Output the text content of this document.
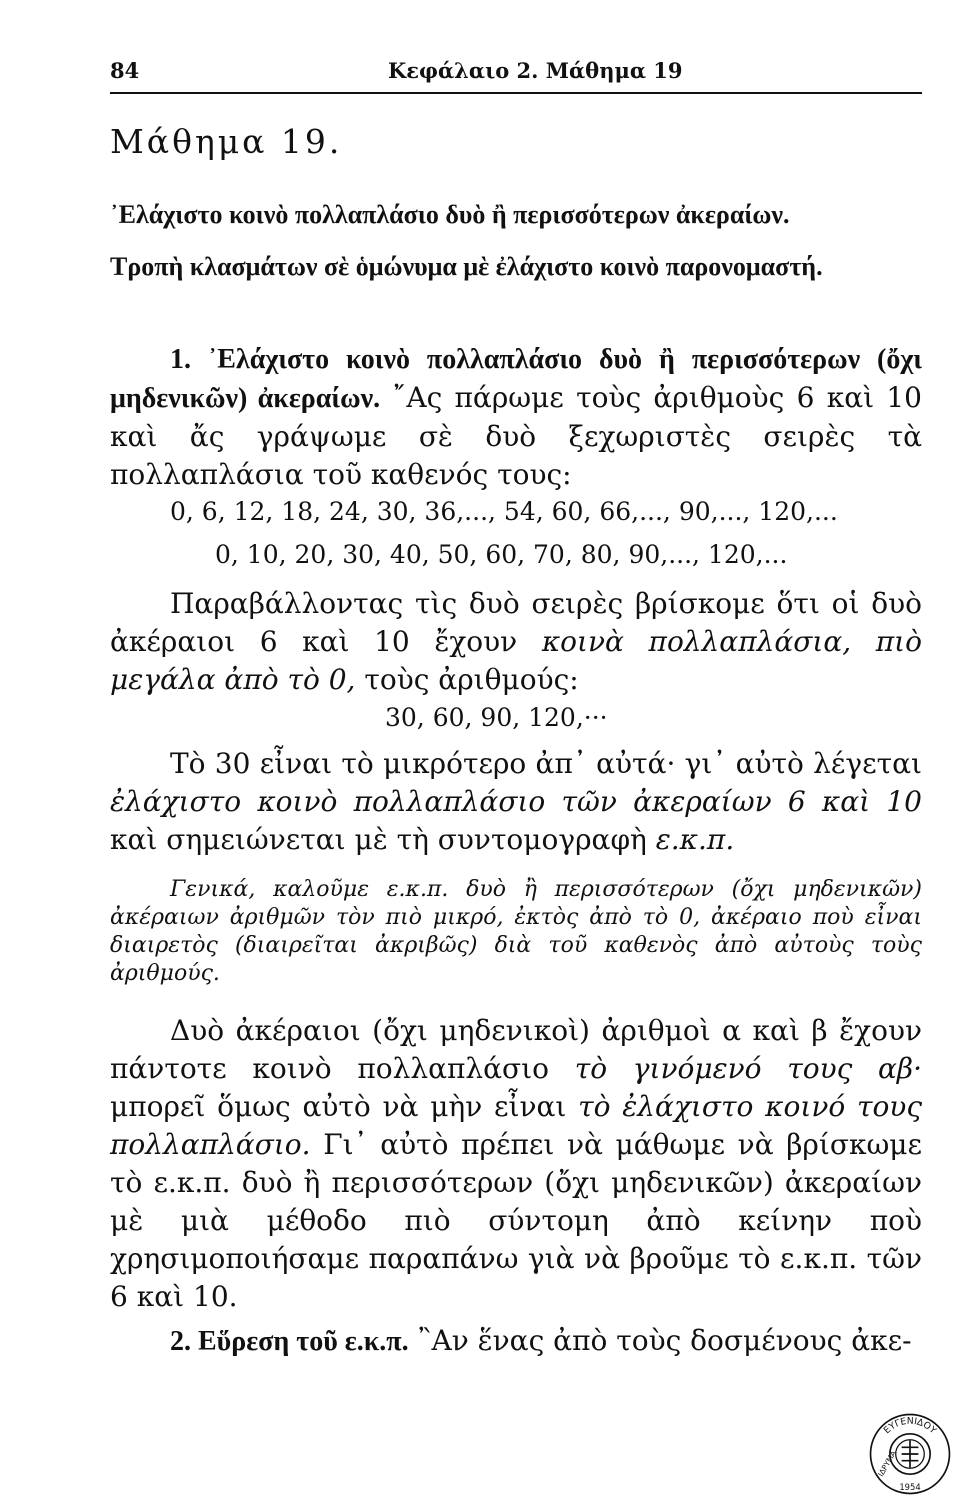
84	Κεφάλαιο 2. Μάθημα 19
Μάθημα 19.
᾿Ελάχιστο κοινὸ πολλαπλάσιο δυὸ ἢ περισσότερων ἀκεραίων.
Τροπὴ κλασμάτων σὲ ὁμώνυμα μὲ ἐλάχιστο κοινὸ παρονομαστή.
1. ᾿Ελάχιστο κοινὸ πολλαπλάσιο δυὸ ἢ περισσότερων (ὄχι μηδενικῶν) ἀκεραίων. ῎Ας πάρωμε τοὺς ἀριθμοὺς 6 καὶ 10 καὶ ἄς γράψωμε σὲ δυὸ ξεχωριστὲς σειρὲς τὰ πολλαπλάσια τοῦ καθενός τους:
0, 6, 12, 18, 24, 30, 36,..., 54, 60, 66,..., 90,..., 120,...
0, 10, 20, 30, 40, 50, 60, 70, 80, 90,..., 120,...
Παραβάλλοντας τὶς δυὸ σειρὲς βρίσκομε ὅτι οἱ δυὸ ἀκέραιοι 6 καὶ 10 ἔχουν κοινὰ πολλαπλάσια, πιὸ μεγάλα ἀπὸ τὸ 0, τοὺς ἀριθμούς:
30, 60, 90, 120,···
Τὸ 30 εἶναι τὸ μικρότερο ἀπ᾿ αὐτά· γι᾿ αὐτὸ λέγεται ἐλάχιστο κοινὸ πολλαπλάσιο τῶν ἀκεραίων 6 καὶ 10 καὶ σημειώνεται μὲ τὴ συντομογραφὴ ε.κ.π.
Γενικά, καλοῦμε ε.κ.π. δυὸ ἢ περισσότερων (ὄχι μηδενικῶν) ἀκέραιων ἀριθμῶν τὸν πιὸ μικρό, ἐκτὸς ἀπὸ τὸ 0, ἀκέραιο ποὺ εἶναι διαιρετὸς (διαιρεῖται ἀκριβῶς) διὰ τοῦ καθενὸς ἀπὸ αὐτοὺς τοὺς ἀριθμούς.
Δυὸ ἀκέραιοι (ὄχι μηδενικοὶ) ἀριθμοὶ α καὶ β ἔχουν πάντοτε κοινὸ πολλαπλάσιο τὸ γινόμενό τους αβ· μπορεῖ ὅμως αὐτὸ νὰ μὴν εἶναι τὸ ἐλάχιστο κοινό τους πολλαπλάσιο. Γι᾿ αὐτὸ πρέπει νὰ μάθωμε νὰ βρίσκωμε τὸ ε.κ.π. δυὸ ἢ περισσότερων (ὄχι μηδενικῶν) ἀκεραίων μὲ μιὰ μέθοδο πιὸ σύντομη ἀπὸ κείνην ποὺ χρησιμοποιήσαμε παραπάνω γιὰ νὰ βροῦμε τὸ ε.κ.π. τῶν 6 καὶ 10.
2. Εὕρεση τοῦ ε.κ.π. ῍Αν ἕνας ἀπὸ τοὺς δοσμένους ἀκε-
ΕΥΓΕΝΙΔΟΥ
ΙΔΡΥΜΑ
1954
